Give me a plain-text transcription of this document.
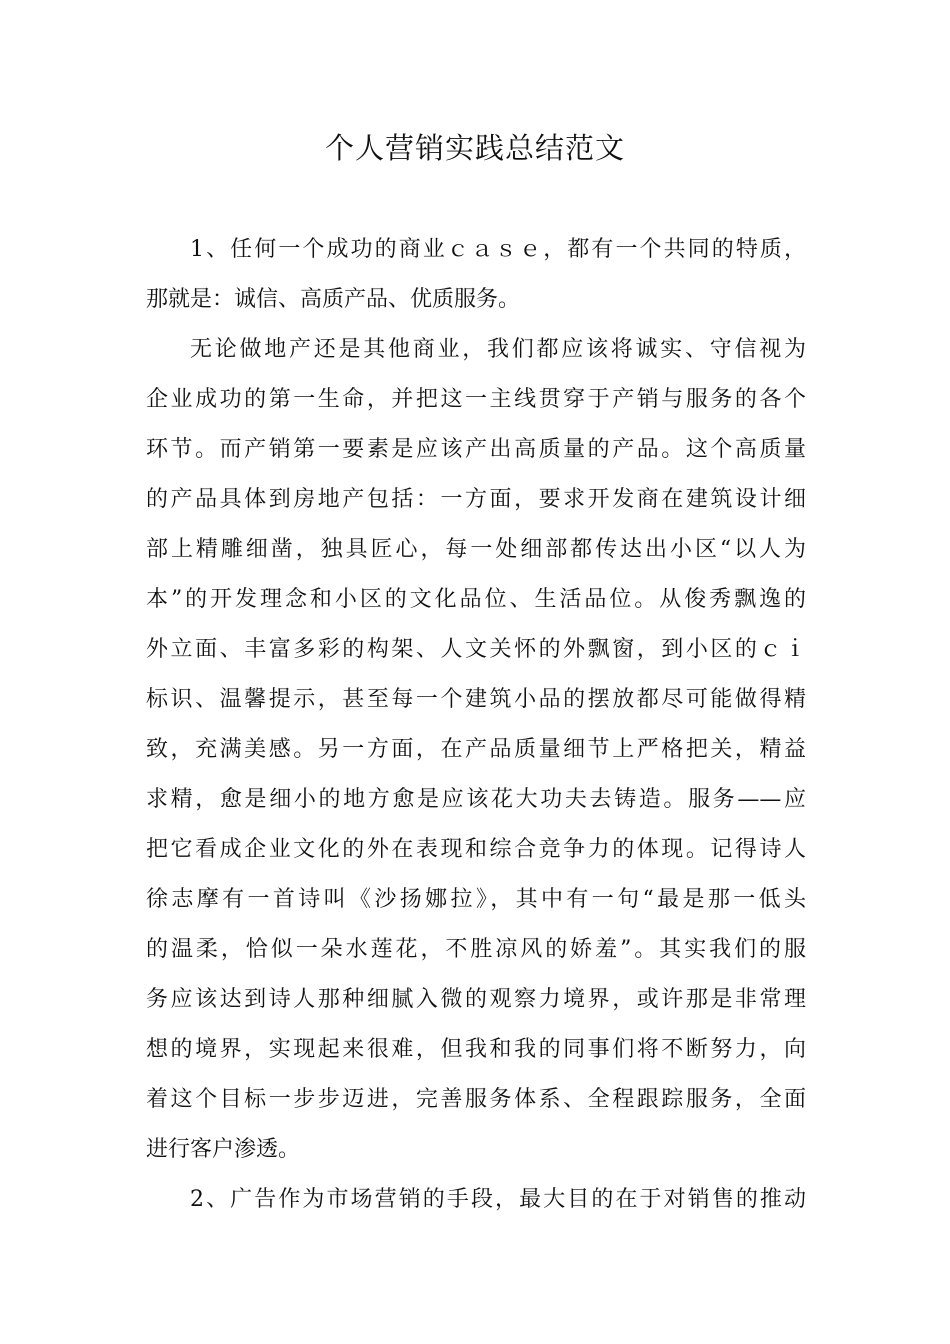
个人营销实践总结范文
1、任何一个成功的商业ｃａｓｅ，都有一个共同的特质，
那就是：诚信、高质产品、优质服务。
无论做地产还是其他商业，我们都应该将诚实、守信视为
企业成功的第一生命，并把这一主线贯穿于产销与服务的各个
环节。而产销第一要素是应该产出高质量的产品。这个高质量
的产品具体到房地产包括：一方面，要求开发商在建筑设计细
部上精雕细凿，独具匠心，每一处细部都传达出小区“以人为
本”的开发理念和小区的文化品位、生活品位。从俊秀飘逸的
外立面、丰富多彩的构架、人文关怀的外飘窗，到小区的ｃｉ
标识、温馨提示，甚至每一个建筑小品的摆放都尽可能做得精
致，充满美感。另一方面，在产品质量细节上严格把关，精益
求精，愈是细小的地方愈是应该花大功夫去铸造。服务——应
把它看成企业文化的外在表现和综合竞争力的体现。记得诗人
徐志摩有一首诗叫《沙扬娜拉》，其中有一句“最是那一低头
的温柔，恰似一朵水莲花，不胜凉风的娇羞”。其实我们的服
务应该达到诗人那种细腻入微的观察力境界，或许那是非常理
想的境界，实现起来很难，但我和我的同事们将不断努力，向
着这个目标一步步迈进，完善服务体系、全程跟踪服务，全面
进行客户渗透。
2、广告作为市场营销的手段，最大目的在于对销售的推动
